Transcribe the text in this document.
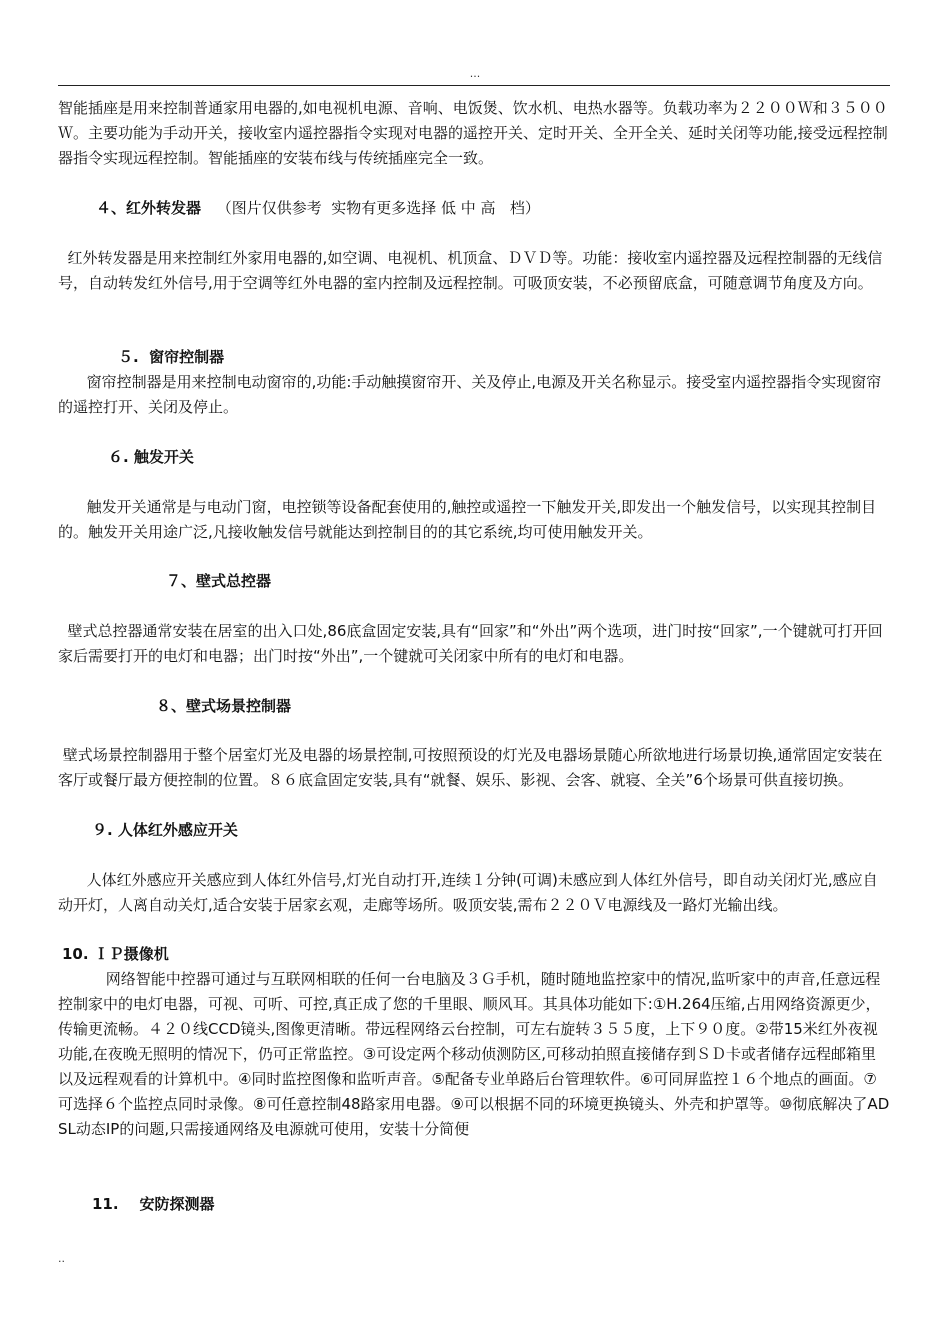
...

智能插座是用来控制普通家用电器的,如电视机电源、音响、电饭煲、饮水机、电热水器等。负载功率为２２００Ｗ和３５００Ｗ。主要功能为手动开关，接收室内遥控器指令实现对电器的遥控开关、定时开关、全开全关、延时关闭等功能,接受远程控制器指令实现远程控制。智能插座的安装布线与传统插座完全一致。

４、红外转发器 （图片仅供参考  实物有更多选择 低 中 高   档）

红外转发器是用来控制红外家用电器的,如空调、电视机、机顶盒、ＤＶＤ等。功能：接收室内遥控器及远程控制器的无线信号，自动转发红外信号,用于空调等红外电器的室内控制及远程控制。可吸顶安装，不必预留底盒，可随意调节角度及方向。

５.  窗帘控制器

窗帘控制器是用来控制电动窗帘的,功能:手动触摸窗帘开、关及停止,电源及开关名称显示。接受室内遥控器指令实现窗帘的遥控打开、关闭及停止。

６. 触发开关

触发开关通常是与电动门窗，电控锁等设备配套使用的,触控或遥控一下触发开关,即发出一个触发信号，以实现其控制目的。触发开关用途广泛,凡接收触发信号就能达到控制目的的其它系统,均可使用触发开关。

７、壁式总控器

壁式总控器通常安装在居室的出入口处,86底盒固定安装,具有“回家”和“外出”两个选项，进门时按“回家”,一个键就可打开回家后需要打开的电灯和电器；出门时按“外出”,一个键就可关闭家中所有的电灯和电器。

８、壁式场景控制器

壁式场景控制器用于整个居室灯光及电器的场景控制,可按照预设的灯光及电器场景随心所欲地进行场景切换,通常固定安装在客厅或餐厅最方便控制的位置。８６底盒固定安装,具有“就餐、娱乐、影视、会客、就寝、全关”6个场景可供直接切换。

９. 人体红外感应开关

人体红外感应开关感应到人体红外信号,灯光自动打开,连续１分钟(可调)未感应到人体红外信号，即自动关闭灯光,感应自动开灯，人离自动关灯,适合安装于居家玄观，走廊等场所。吸顶安装,需布２２０Ｖ电源线及一路灯光输出线。

10. ＩＰ摄像机

网络智能中控器可通过与互联网相联的任何一台电脑及３Ｇ手机，随时随地监控家中的情况,监听家中的声音,任意远程控制家中的电灯电器，可视、可听、可控,真正成了您的千里眼、顺风耳。其具体功能如下:①H.264压缩,占用网络资源更少，传输更流畅。４２０线CCD镜头,图像更清晰。带远程网络云台控制，可左右旋转３５５度，上下９０度。②带15米红外夜视功能,在夜晚无照明的情况下，仍可正常监控。③可设定两个移动侦测防区,可移动拍照直接储存到ＳＤ卡或者储存远程邮箱里以及远程观看的计算机中。④同时监控图像和监听声音。⑤配备专业单路后台管理软件。⑥可同屏监控１６个地点的画面。⑦可选择６个监控点同时录像。⑧可任意控制48路家用电器。⑨可以根据不同的环境更换镜头、外壳和护罩等。⑩彻底解决了ADSL动态IP的问题,只需接通网络及电源就可使用，安装十分简便

11.    安防探测器
..
